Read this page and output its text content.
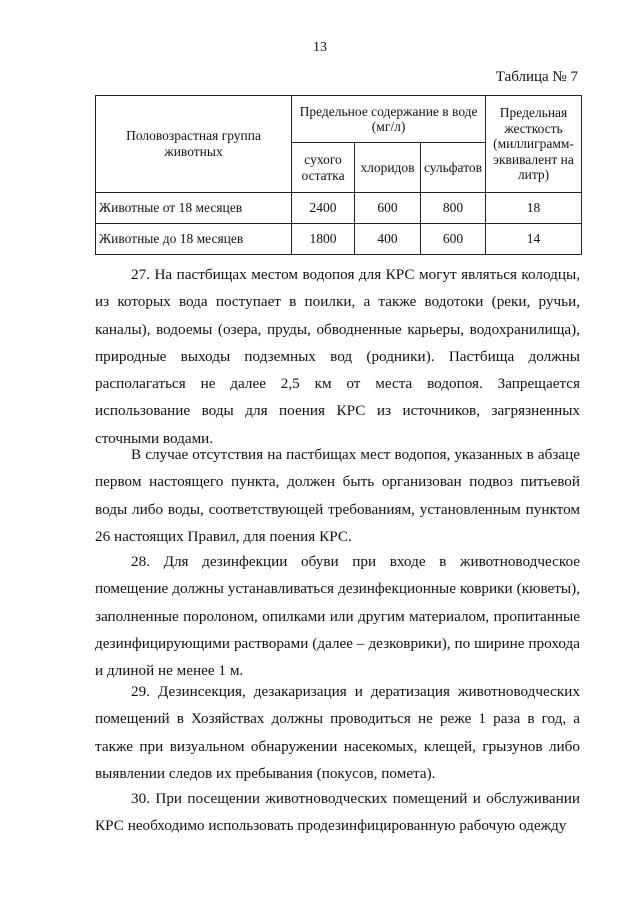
13
Таблица № 7
Половозрастная группа животных	Предельное содержание в воде (мг/л)			Предельная жесткость (миллиграмм-эквивалент на литр)
	сухого остатка	хлоридов	сульфатов	
Животные от 18 месяцев	2400	600	800	18
Животные до 18 месяцев	1800	400	600	14

27. На пастбищах местом водопоя для КРС могут являться колодцы, из которых вода поступает в поилки, а также водотоки (реки, ручьи, каналы), водоемы (озера, пруды, обводненные карьеры, водохранилища), природные выходы подземных вод (родники). Пастбища должны располагаться не далее 2,5 км от места водопоя. Запрещается использование воды для поения КРС из источников, загрязненных сточными водами.

В случае отсутствия на пастбищах мест водопоя, указанных в абзаце первом настоящего пункта, должен быть организован подвоз питьевой воды либо воды, соответствующей требованиям, установленным пунктом 26 настоящих Правил, для поения КРС.

28. Для дезинфекции обуви при входе в животноводческое помещение должны устанавливаться дезинфекционные коврики (кюветы), заполненные поролоном, опилками или другим материалом, пропитанные дезинфицирующими растворами (далее – дезковрики), по ширине прохода и длиной не менее 1 м.

29. Дезинсекция, дезакаризация и дератизация животноводческих помещений в Хозяйствах должны проводиться не реже 1 раза в год, а также при визуальном обнаружении насекомых, клещей, грызунов либо выявлении следов их пребывания (покусов, помета).

30. При посещении животноводческих помещений и обслуживании КРС необходимо использовать продезинфицированную рабочую одежду
